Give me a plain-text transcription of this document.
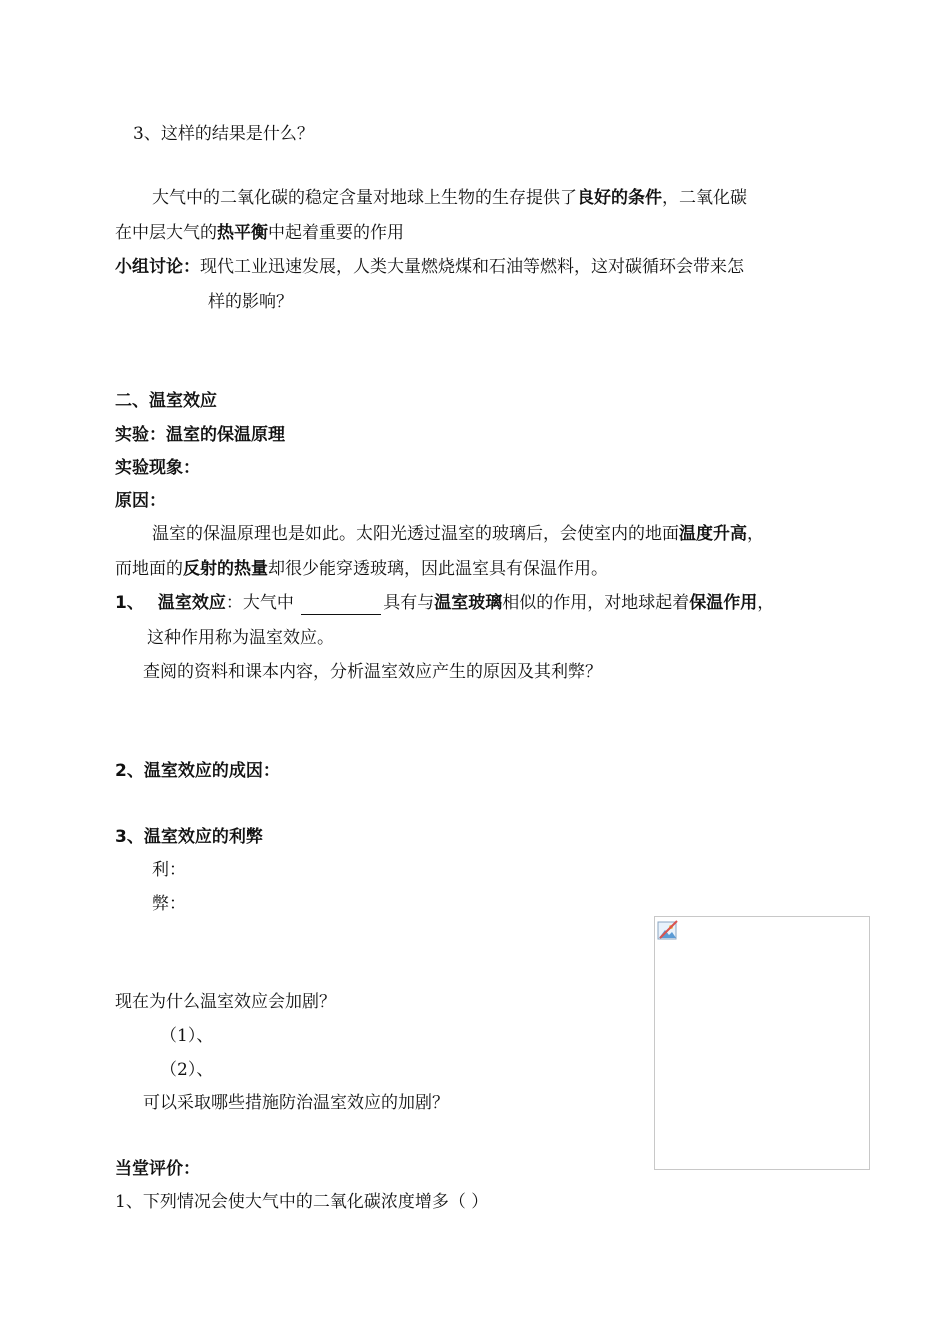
3、这样的结果是什么？
大气中的二氧化碳的稳定含量对地球上生物的生存提供了良好的条件，二氧化碳
在中层大气的热平衡中起着重要的作用
小组讨论：现代工业迅速发展，人类大量燃烧煤和石油等燃料，这对碳循环会带来怎
样的影响？
二、温室效应
实验：温室的保温原理
实验现象：
原因：
温室的保温原理也是如此。太阳光透过温室的玻璃后，会使室内的地面温度升高，
而地面的反射的热量却很少能穿透玻璃，因此温室具有保温作用。
1、 温室效应：大气中	具有与温室玻璃相似的作用，对地球起着保温作用，
这种作用称为温室效应。
查阅的资料和课本内容，分析温室效应产生的原因及其利弊？
2、温室效应的成因：
3、温室效应的利弊
利：
弊：
现在为什么温室效应会加剧？
（1）、
（2）、
可以采取哪些措施防治温室效应的加剧？
当堂评价：
1、下列情况会使大气中的二氧化碳浓度增多（ ）
